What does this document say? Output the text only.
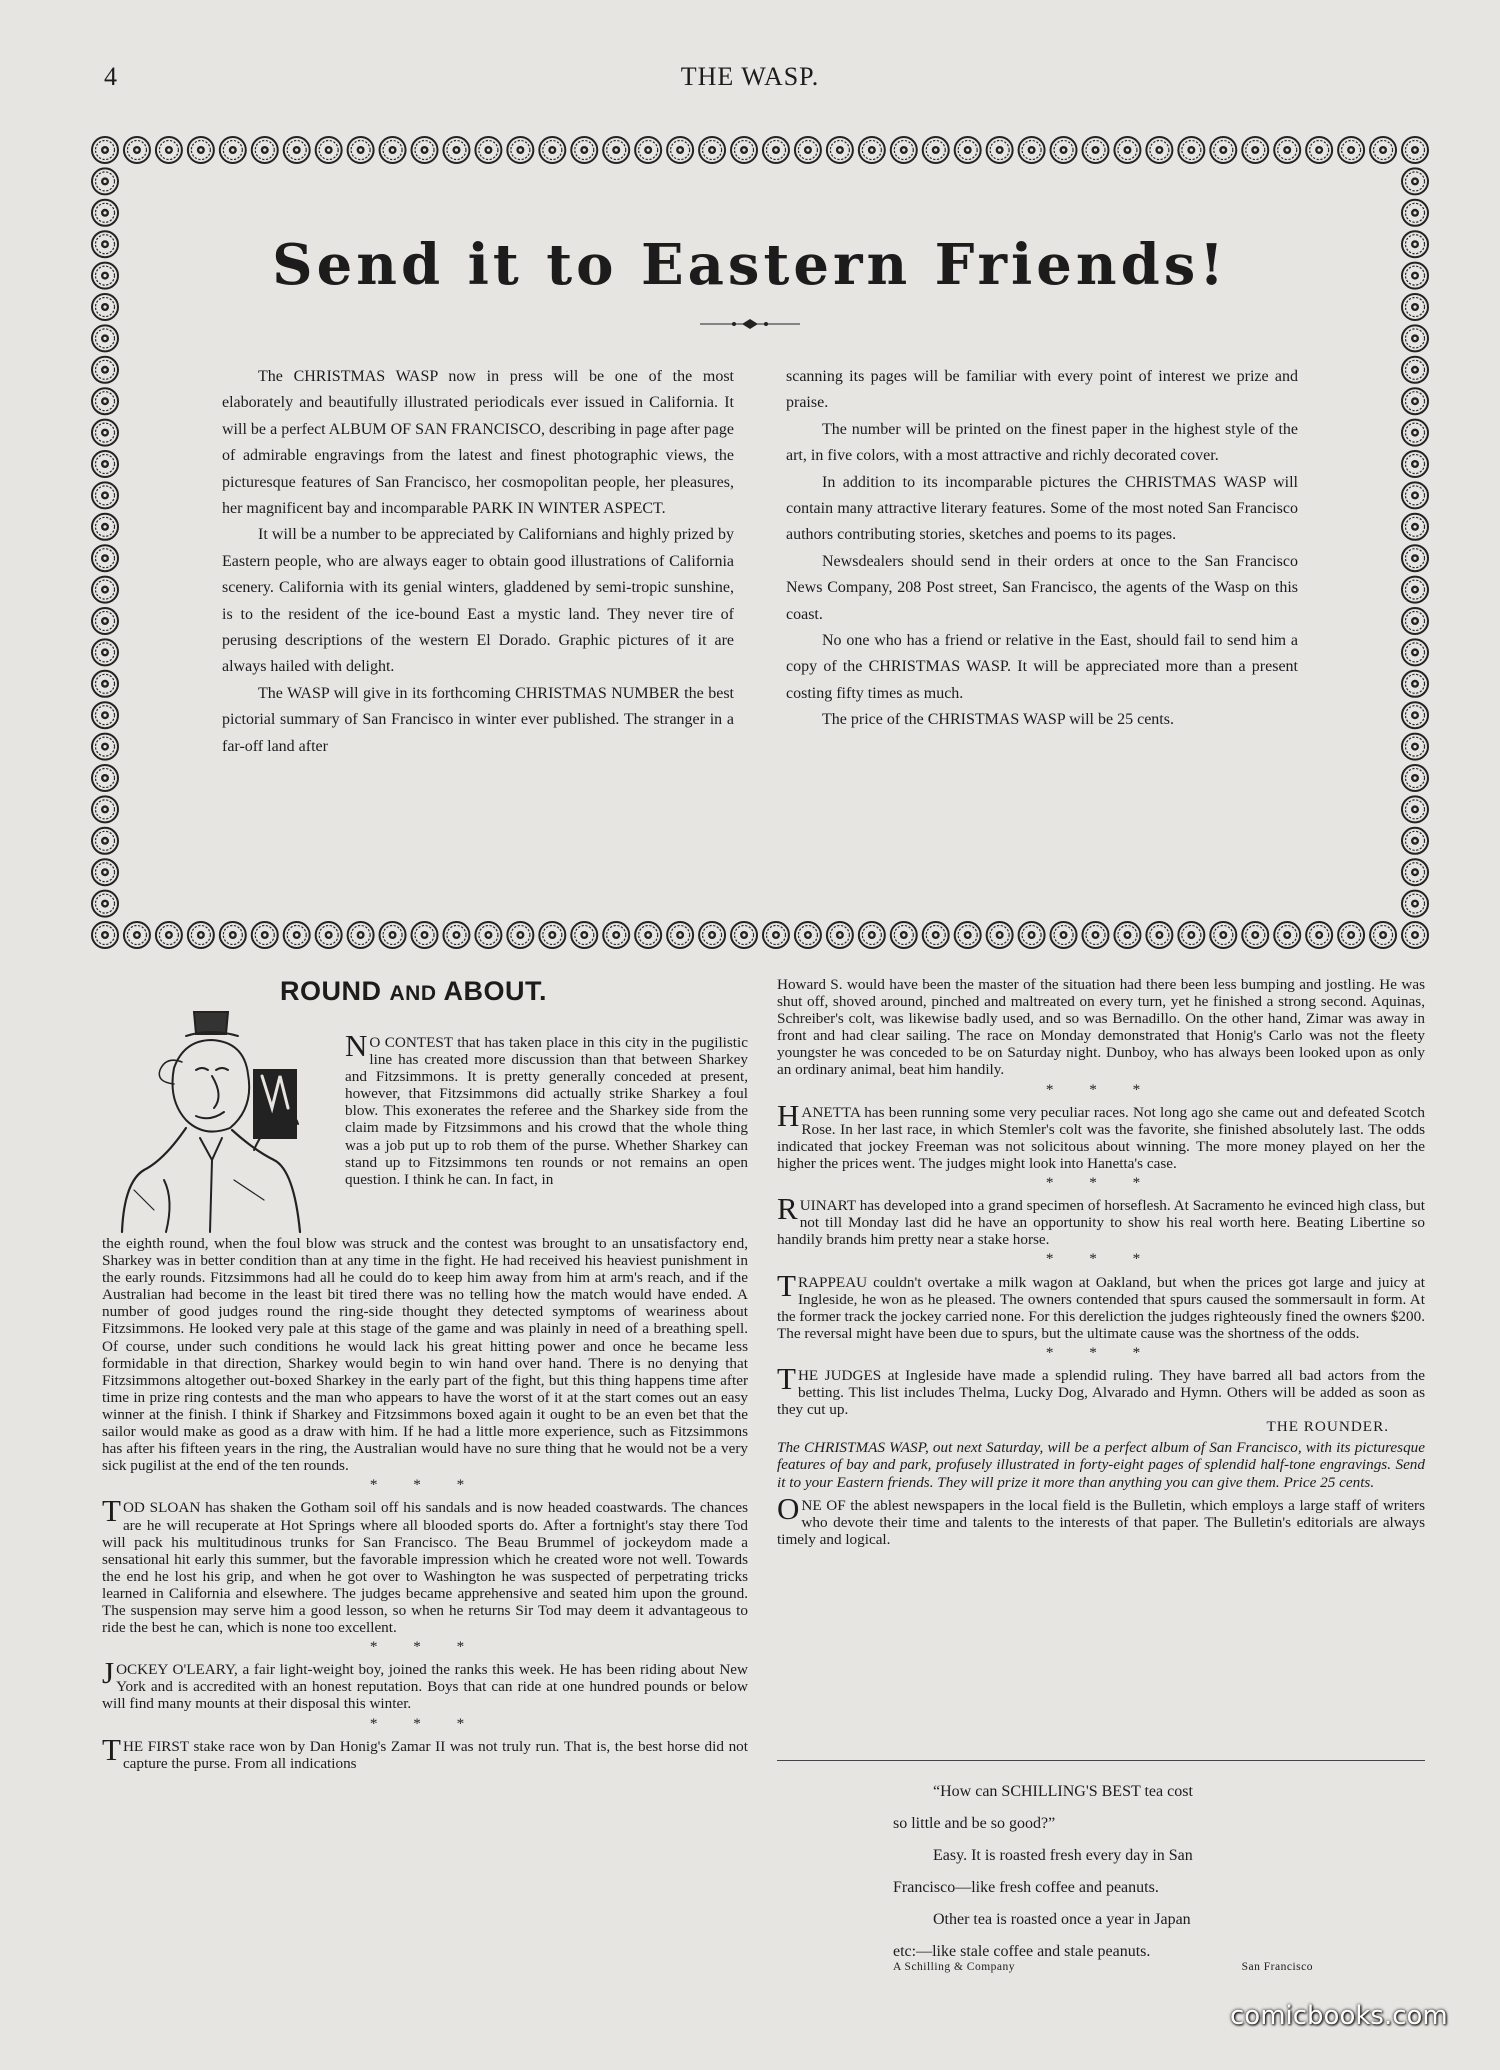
4	THE WASP.
Send it to Eastern Friends!

The CHRISTMAS WASP now in press will be one of the most elaborately and beautifully illustrated periodicals ever issued in California. It will be a perfect ALBUM OF SAN FRANCISCO, describing in page after page of admirable engravings from the latest and finest photographic views, the picturesque features of San Francisco, her cosmopolitan people, her pleasures, her magnificent bay and incomparable PARK IN WINTER ASPECT.

It will be a number to be appreciated by Californians and highly prized by Eastern people, who are always eager to obtain good illustrations of California scenery. California with its genial winters, gladdened by semi-tropic sunshine, is to the resident of the ice-bound East a mystic land. They never tire of perusing descriptions of the western El Dorado. Graphic pictures of it are always hailed with delight.

The WASP will give in its forthcoming CHRISTMAS NUMBER the best pictorial summary of San Francisco in winter ever published. The stranger in a far-off land after

scanning its pages will be familiar with every point of interest we prize and praise.

The number will be printed on the finest paper in the highest style of the art, in five colors, with a most attractive and richly decorated cover.

In addition to its incomparable pictures the CHRISTMAS WASP will contain many attractive literary features. Some of the most noted San Francisco authors contributing stories, sketches and poems to its pages.

Newsdealers should send in their orders at once to the San Francisco News Company, 208 Post street, San Francisco, the agents of the Wasp on this coast.

No one who has a friend or relative in the East, should fail to send him a copy of the CHRISTMAS WASP. It will be appreciated more than a present costing fifty times as much.

The price of the CHRISTMAS WASP will be 25 cents.

ROUND AND ABOUT.

N O CONTEST that has taken place in this city in the pugilistic line has created more discussion than that between Sharkey and Fitzsimmons. It is pretty generally conceded at present, however, that Fitzsimmons did actually strike Sharkey a foul blow. This exonerates the referee and the Sharkey side from the claim made by Fitzsimmons and his crowd that the whole thing was a job put up to rob them of the purse. Whether Sharkey can stand up to Fitzsimmons ten rounds or not remains an open question. I think he can. In fact, in

the eighth round, when the foul blow was struck and the contest was brought to an unsatisfactory end, Sharkey was in better condition than at any time in the fight. He had received his heaviest punishment in the early rounds. Fitzsimmons had all he could do to keep him away from him at arm's reach, and if the Australian had become in the least bit tired there was no telling how the match would have ended. A number of good judges round the ring-side thought they detected symptoms of weariness about Fitzsimmons. He looked very pale at this stage of the game and was plainly in need of a breathing spell. Of course, under such conditions he would lack his great hitting power and once he became less formidable in that direction, Sharkey would begin to win hand over hand. There is no denying that Fitzsimmons altogether out-boxed Sharkey in the early part of the fight, but this thing happens time after time in prize ring contests and the man who appears to have the worst of it at the start comes out an easy winner at the finish. I think if Sharkey and Fitzsimmons boxed again it ought to be an even bet that the sailor would make as good as a draw with him. If he had a little more experience, such as Fitzsimmons has after his fifteen years in the ring, the Australian would have no sure thing that he would not be a very sick pugilist at the end of the ten rounds.

* * *

TOD SLOAN has shaken the Gotham soil off his sandals and is now headed coastwards. The chances are he will recuperate at Hot Springs where all blooded sports do. After a fortnight's stay there Tod will pack his multitudinous trunks for San Francisco. The Beau Brummel of jockeydom made a sensational hit early this summer, but the favorable impression which he created wore not well. Towards the end he lost his grip, and when he got over to Washington he was suspected of perpetrating tricks learned in California and elsewhere. The judges became apprehensive and seated him upon the ground. The suspension may serve him a good lesson, so when he returns Sir Tod may deem it advantageous to ride the best he can, which is none too excellent.

* * *

JOCKEY O'LEARY, a fair light-weight boy, joined the ranks this week. He has been riding about New York and is accredited with an honest reputation. Boys that can ride at one hundred pounds or below will find many mounts at their disposal this winter.

* * *

THE FIRST stake race won by Dan Honig's Zamar II was not truly run. That is, the best horse did not capture the purse. From all indications

Howard S. would have been the master of the situation had there been less bumping and jostling. He was shut off, shoved around, pinched and maltreated on every turn, yet he finished a strong second. Aquinas, Schreiber's colt, was likewise badly used, and so was Bernadillo. On the other hand, Zimar was away in front and had clear sailing. The race on Monday demonstrated that Honig's Carlo was not the fleety youngster he was conceded to be on Saturday night. Dunboy, who has always been looked upon as only an ordinary animal, beat him handily.

* * *

HANETTA has been running some very peculiar races. Not long ago she came out and defeated Scotch Rose. In her last race, in which Stemler's colt was the favorite, she finished absolutely last. The odds indicated that jockey Freeman was not solicitous about winning. The more money played on her the higher the prices went. The judges might look into Hanetta's case.

* * *

RUINART has developed into a grand specimen of horseflesh. At Sacramento he evinced high class, but not till Monday last did he have an opportunity to show his real worth here. Beating Libertine so handily brands him pretty near a stake horse.

* * *

TRAPPEAU couldn't overtake a milk wagon at Oakland, but when the prices got large and juicy at Ingleside, he won as he pleased. The owners contended that spurs caused the sommersault in form. At the former track the jockey carried none. For this dereliction the judges righteously fined the owners $200. The reversal might have been due to spurs, but the ultimate cause was the shortness of the odds.

* * *

THE JUDGES at Ingleside have made a splendid ruling. They have barred all bad actors from the betting. This list includes Thelma, Lucky Dog, Alvarado and Hymn. Others will be added as soon as they cut up.

THE ROUNDER.

The CHRISTMAS WASP, out next Saturday, will be a perfect album of San Francisco, with its picturesque features of bay and park, profusely illustrated in forty-eight pages of splendid half-tone engravings. Send it to your Eastern friends. They will prize it more than anything you can give them. Price 25 cents.

ONE OF the ablest newspapers in the local field is the Bulletin, which employs a large staff of writers who devote their time and talents to the interests of that paper. The Bulletin's editorials are always timely and logical.

“How can SCHILLING'S BEST tea cost

so little and be so good?”

Easy. It is roasted fresh every day in San

Francisco—like fresh coffee and peanuts.

Other tea is roasted once a year in Japan

etc:—like stale coffee and stale peanuts.

A Schilling & Company	San Francisco
comicbooks.com
